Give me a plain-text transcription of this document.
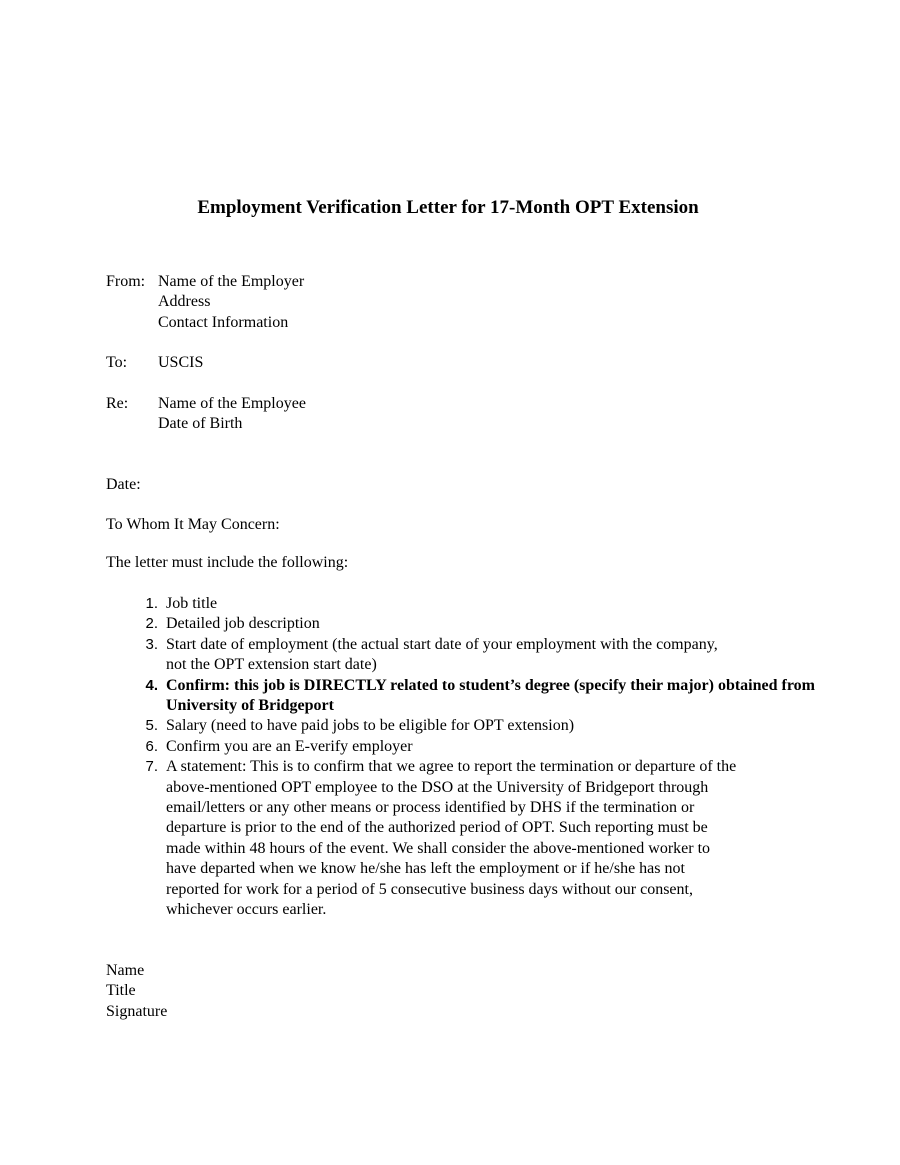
Employment Verification Letter for 17-Month OPT Extension
From: Name of the Employer
Address
Contact Information
To:	USCIS
Re:	Name of the Employee
Date of Birth
Date:
To Whom It May Concern:
The letter must include the following:
1. Job title
2. Detailed job description
3. Start date of employment (the actual start date of your employment with the company,
not the OPT extension start date)
4. Confirm: this job is DIRECTLY related to student’s degree (specify their major) obtained from
University of Bridgeport
5. Salary (need to have paid jobs to be eligible for OPT extension)
6. Confirm you are an E-verify employer
7. A statement: This is to confirm that we agree to report the termination or departure of the
above-mentioned OPT employee to the DSO at the University of Bridgeport through
email/letters or any other means or process identified by DHS if the termination or
departure is prior to the end of the authorized period of OPT. Such reporting must be
made within 48 hours of the event. We shall consider the above-mentioned worker to
have departed when we know he/she has left the employment or if he/she has not
reported for work for a period of 5 consecutive business days without our consent,
whichever occurs earlier.
Name
Title
Signature
